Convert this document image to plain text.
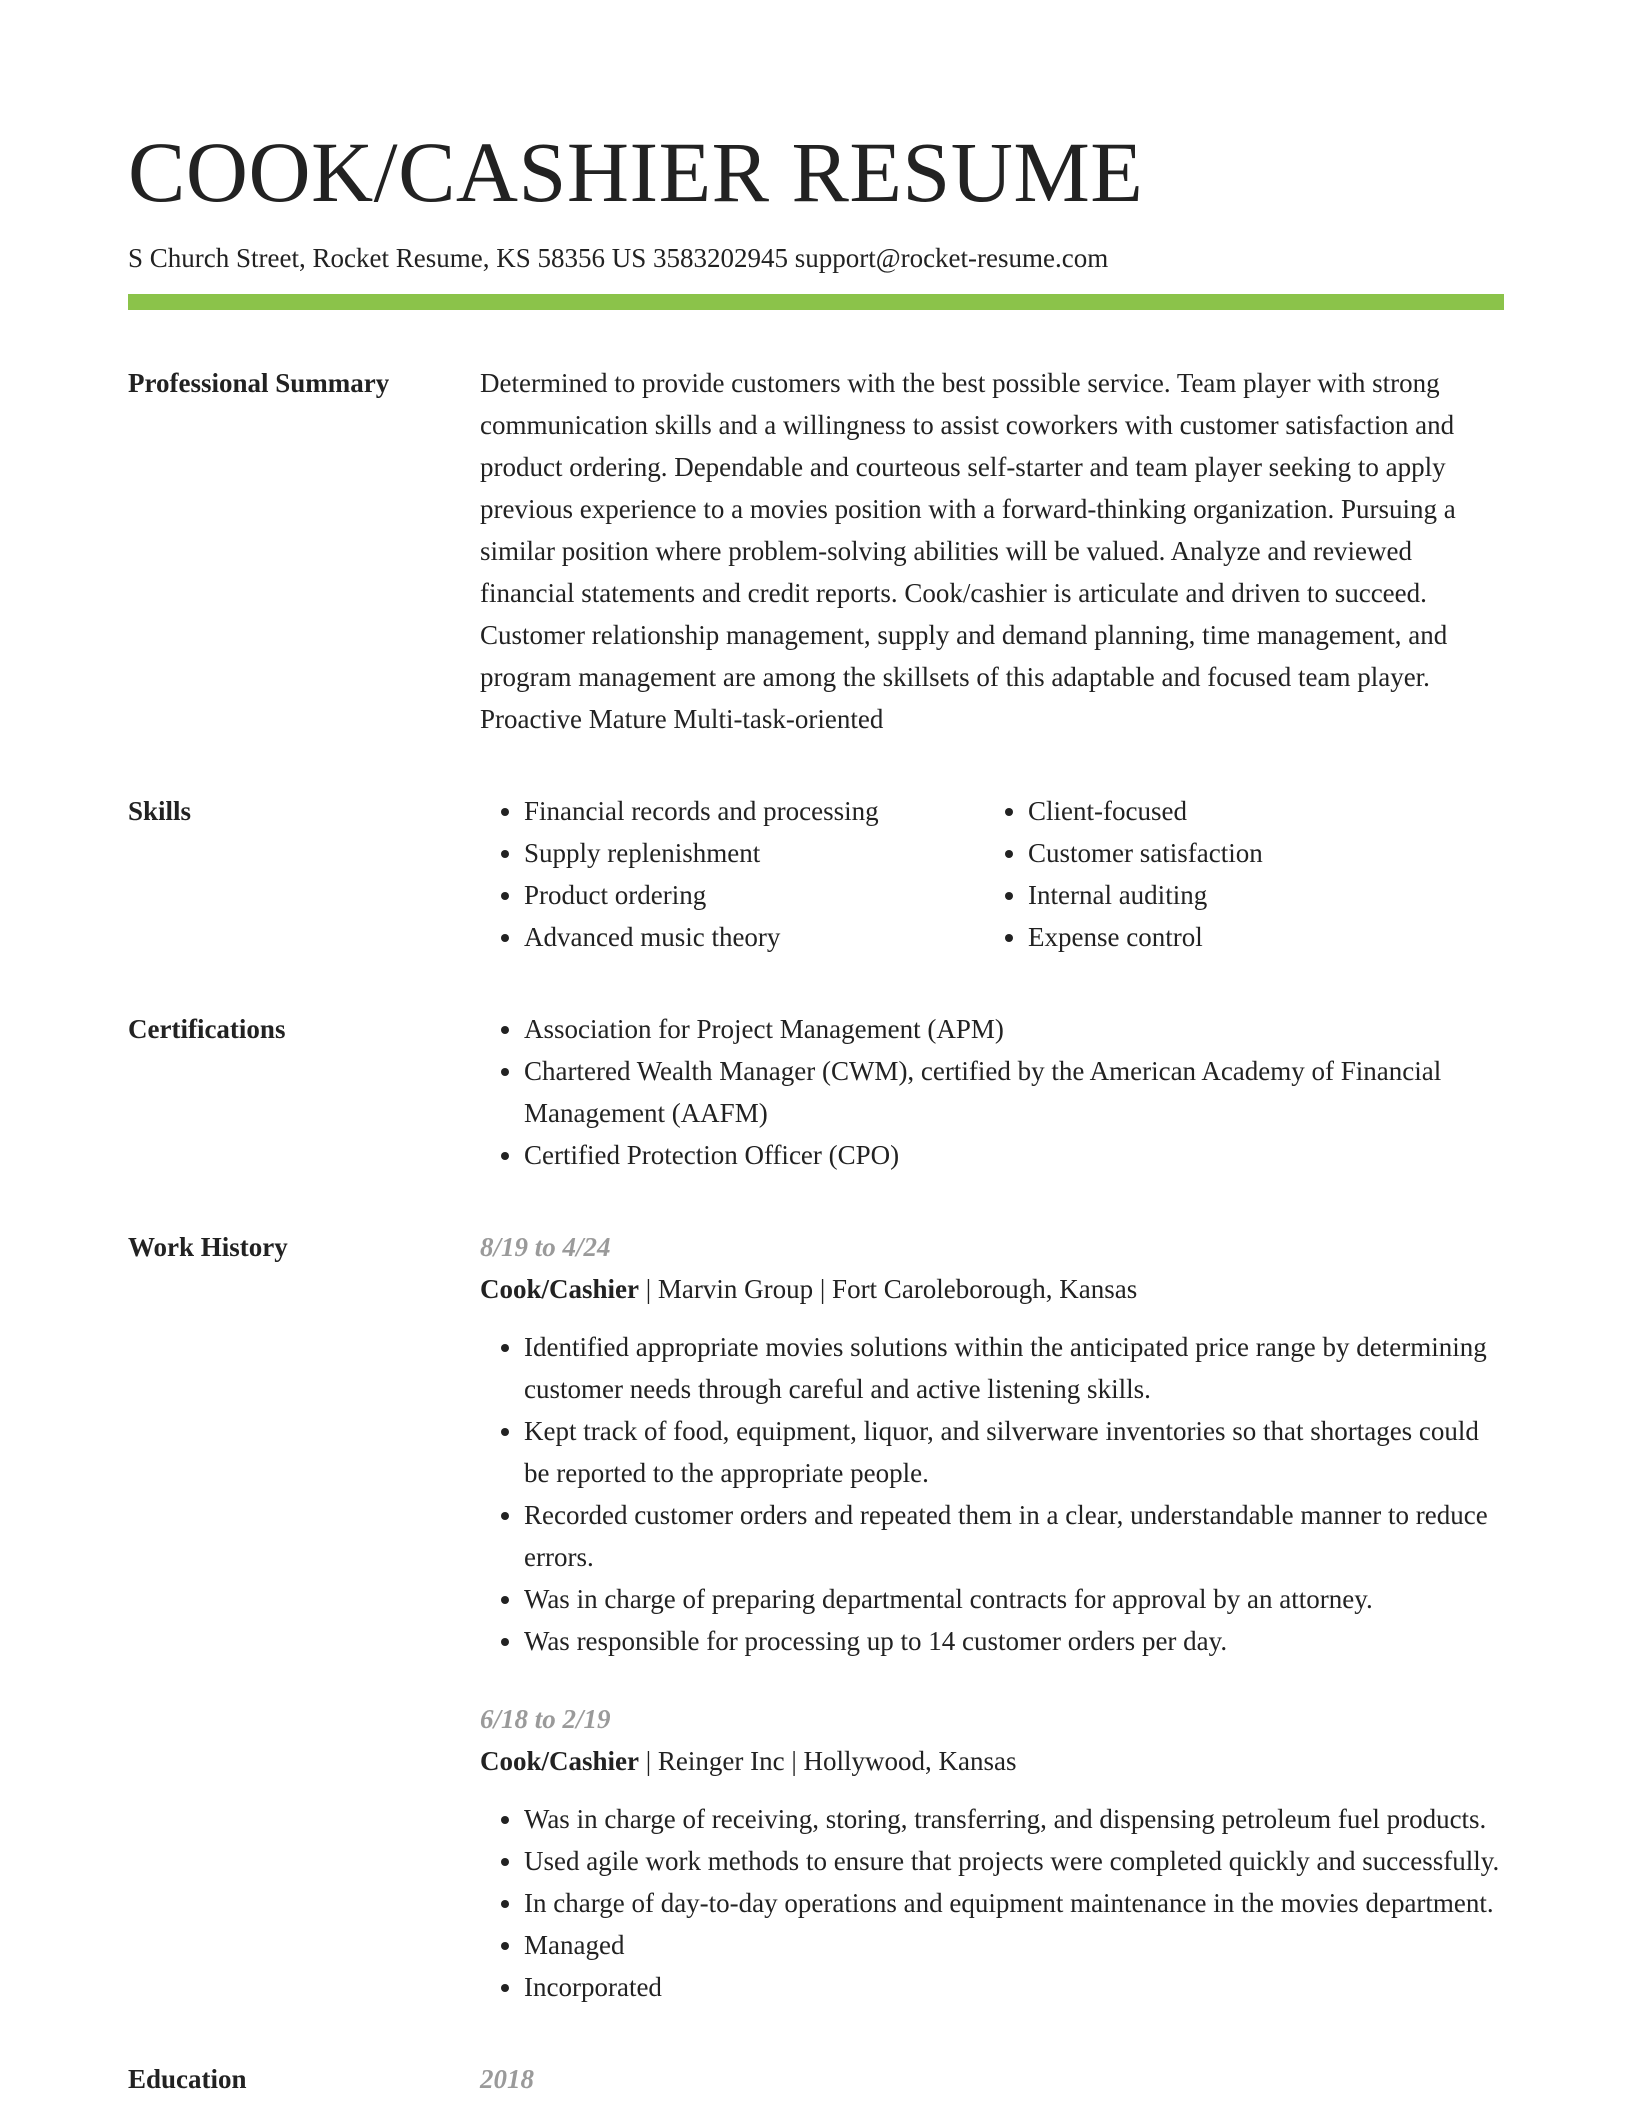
COOK/CASHIER RESUME
S Church Street, Rocket Resume, KS 58356 US 3583202945 support@rocket-resume.com
Professional Summary	Determined to provide customers with the best possible service. Team player with strong communication skills and a willingness to assist coworkers with customer satisfaction and product ordering. Dependable and courteous self-starter and team player seeking to apply previous experience to a movies position with a forward-thinking organization. Pursuing a similar position where problem-solving abilities will be valued. Analyze and reviewed financial statements and credit reports. Cook/cashier is articulate and driven to succeed. Customer relationship management, supply and demand planning, time management, and program management are among the skillsets of this adaptable and focused team player. Proactive Mature Multi-task-oriented

Skills	• Financial records and processing
• Supply replenishment
• Product ordering
• Advanced music theory
• Client-focused
• Customer satisfaction
• Internal auditing
• Expense control
Certifications	• Association for Project Management (APM)
• Chartered Wealth Manager (CWM), certified by the American Academy of Financial Management (AAFM)
• Certified Protection Officer (CPO)
Work History	8/19 to 4/24
Cook/Cashier | Marvin Group | Fort Caroleborough, Kansas
• Identified appropriate movies solutions within the anticipated price range by determining customer needs through careful and active listening skills.
• Kept track of food, equipment, liquor, and silverware inventories so that shortages could be reported to the appropriate people.
• Recorded customer orders and repeated them in a clear, understandable manner to reduce errors.
• Was in charge of preparing departmental contracts for approval by an attorney.
• Was responsible for processing up to 14 customer orders per day.
6/18 to 2/19
Cook/Cashier | Reinger Inc | Hollywood, Kansas
• Was in charge of receiving, storing, transferring, and dispensing petroleum fuel products.
• Used agile work methods to ensure that projects were completed quickly and successfully.
• In charge of day-to-day operations and equipment maintenance in the movies department.
• Managed
• Incorporated
Education	2018
